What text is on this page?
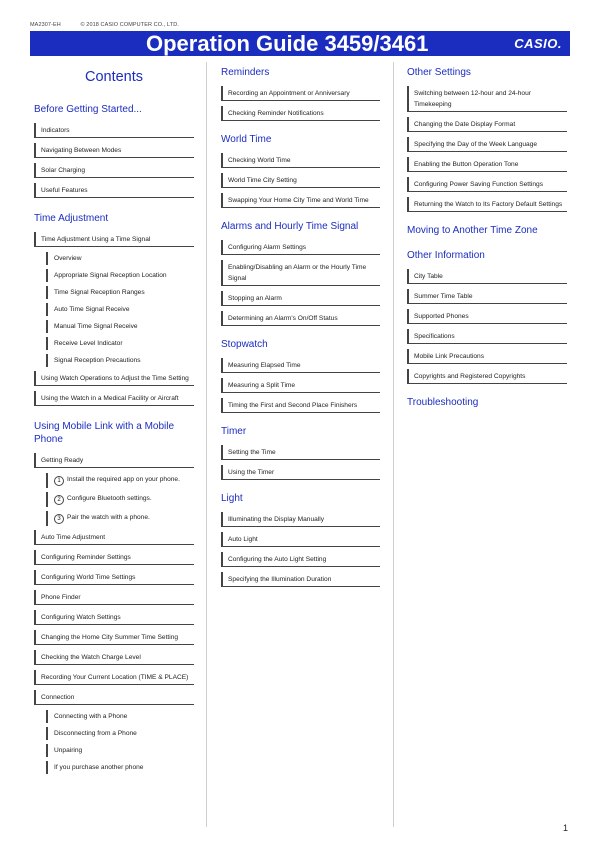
MA2307-EH	© 2018 CASIO COMPUTER CO., LTD.
Operation Guide 3459/3461	CASIO.
Contents
Before Getting Started...
Indicators
Navigating Between Modes
Solar Charging
Useful Features
Time Adjustment
Time Adjustment Using a Time Signal
Overview
Appropriate Signal Reception Location
Time Signal Reception Ranges
Auto Time Signal Receive
Manual Time Signal Receive
Receive Level Indicator
Signal Reception Precautions
Using Watch Operations to Adjust the Time Setting
Using the Watch in a Medical Facility or Aircraft
Using Mobile Link with a Mobile Phone
Getting Ready
1 Install the required app on your phone.
2 Configure Bluetooth settings.
3 Pair the watch with a phone.
Auto Time Adjustment
Configuring Reminder Settings
Configuring World Time Settings
Phone Finder
Configuring Watch Settings
Changing the Home City Summer Time Setting
Checking the Watch Charge Level
Recording Your Current Location (TIME & PLACE)
Connection
Connecting with a Phone
Disconnecting from a Phone
Unpairing
If you purchase another phone
Reminders
Recording an Appointment or Anniversary
Checking Reminder Notifications
World Time
Checking World Time
World Time City Setting
Swapping Your Home City Time and World Time
Alarms and Hourly Time Signal
Configuring Alarm Settings
Enabling/Disabling an Alarm or the Hourly Time Signal
Stopping an Alarm
Determining an Alarm's On/Off Status
Stopwatch
Measuring Elapsed Time
Measuring a Split Time
Timing the First and Second Place Finishers
Timer
Setting the Time
Using the Timer
Light
Illuminating the Display Manually
Auto Light
Configuring the Auto Light Setting
Specifying the Illumination Duration
Other Settings
Switching between 12-hour and 24-hour Timekeeping
Changing the Date Display Format
Specifying the Day of the Week Language
Enabling the Button Operation Tone
Configuring Power Saving Function Settings
Returning the Watch to Its Factory Default Settings
Moving to Another Time Zone
Other Information
City Table
Summer Time Table
Supported Phones
Specifications
Mobile Link Precautions
Copyrights and Registered Copyrights
Troubleshooting
1
